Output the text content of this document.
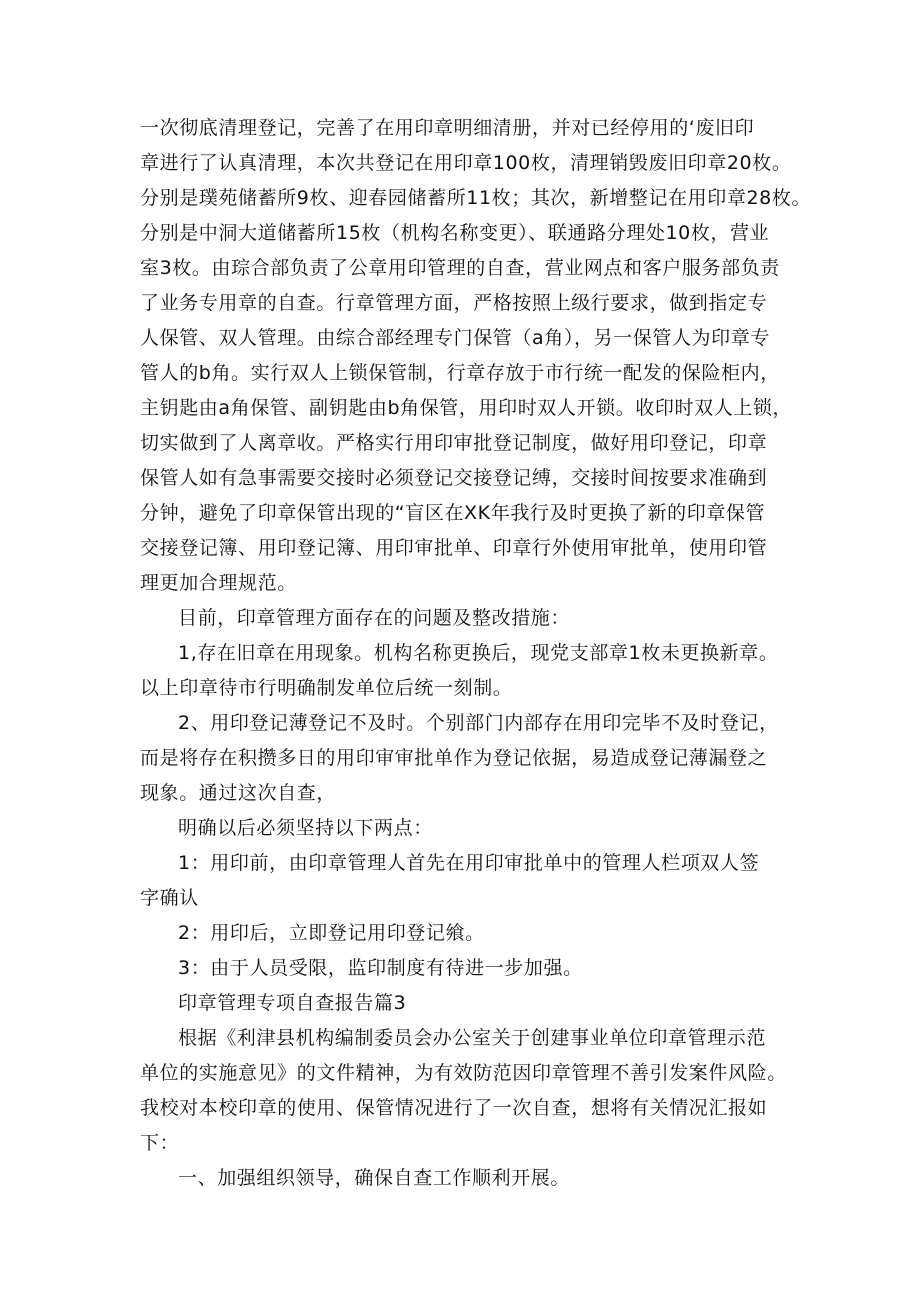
一次彻底清理登记，完善了在用印章明细清册，并对已经停用的‘废旧印
章进行了认真清理，本次共登记在用印章100枚，清理销毁废旧印章20枚。
分别是璞苑储蓄所9枚、迎春园储蓄所11枚；其次，新增整记在用印章28枚。
分别是中洞大道储蓄所15枚（机构名称变更）、联通路分理处10枚，营业
室3枚。由琮合部负责了公章用印管理的自查，营业网点和客户服务部负责
了业务专用章的自查。行章管理方面，严格按照上级行要求，做到指定专
人保管、双人管理。由综合部经理专门保管（a角），另一保管人为印章专
管人的b角。实行双人上锁保管制，行章存放于市行统一配发的保险柜内，
主钥匙由a角保管、副钥匙由b角保管，用印时双人开锁。收印时双人上锁，
切实做到了人离章收。严格实行用印审批登记制度，做好用印登记，印章
保管人如有急事需要交接时必须登记交接登记缚，交接时间按要求准确到
分钟，避免了印章保管出现的“盲区在XK年我行及时更换了新的印章保管
交接登记簿、用印登记簿、用印审批单、印章行外使用审批单，使用印管
理更加合理规范。
目前，印章管理方面存在的问题及整改措施：
1,存在旧章在用现象。机构名称更换后，现党支部章1枚未更换新章。
以上印章待市行明确制发单位后统一刻制。
2、用印登记薄登记不及时。个别部门内部存在用印完毕不及时登记，
而是将存在积攒多日的用印审审批单作为登记依据，易造成登记薄漏登之
现象。通过这次自查，
明确以后必须坚持以下两点：
1：用印前，由印章管理人首先在用印审批单中的管理人栏项双人签
字确认
2：用印后，立即登记用印登记飨。
3：由于人员受限，监印制度有待进一步加强。
印章管理专项自查报告篇3
根据《利津县机构编制委员会办公室关于创建事业单位印章管理示范
单位的实施意见》的文件精神，为有效防范因印章管理不善引发案件风险。
我校对本校印章的使用、保管情况进行了一次自查，想将有关情况汇报如
下：
一、加强组织领导，确保自查工作顺利开展。
